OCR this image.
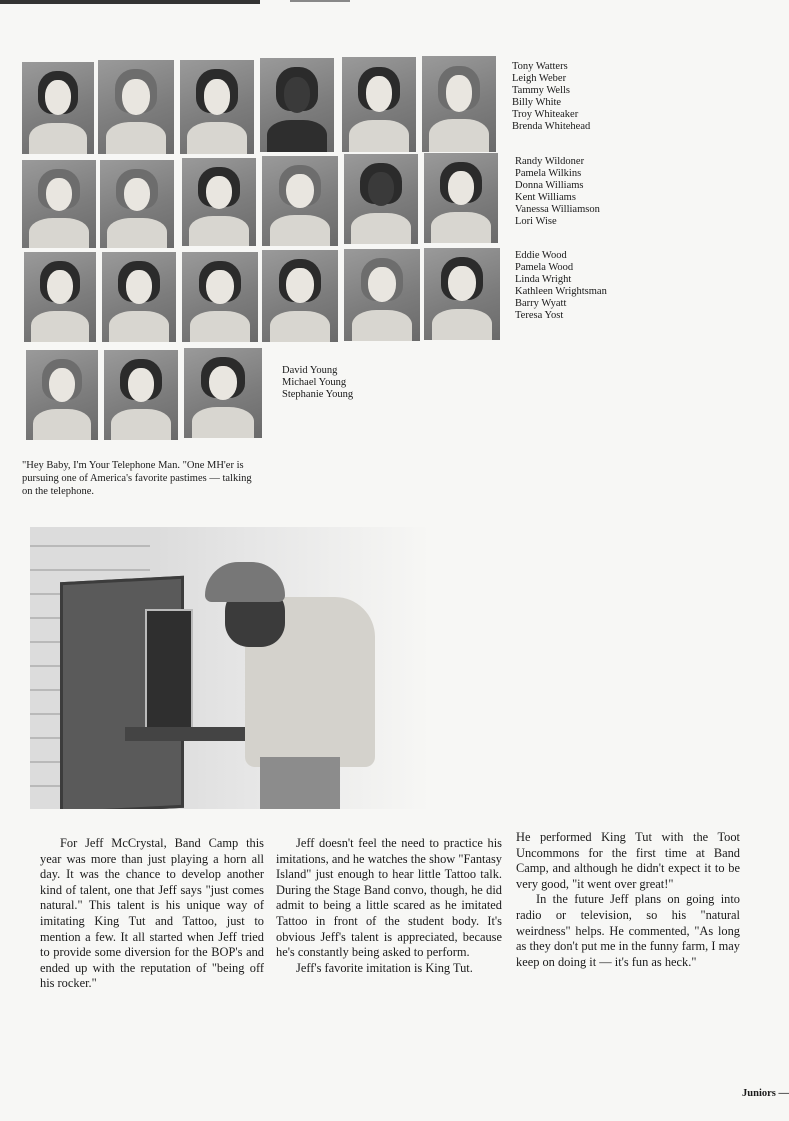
Tony Watters
Leigh Weber
Tammy Wells
Billy White
Troy Whiteaker
Brenda Whitehead
Randy Wildoner
Pamela Wilkins
Donna Williams
Kent Williams
Vanessa Williamson
Lori Wise
Eddie Wood
Pamela Wood
Linda Wright
Kathleen Wrightsman
Barry Wyatt
Teresa Yost
David Young
Michael Young
Stephanie Young
"Hey Baby, I'm Your Telephone Man. "One MH'er is pursuing one of America's favorite pastimes — talking on the telephone.

For Jeff McCrystal, Band Camp this year was more than just playing a horn all day. It was the chance to develop another kind of talent, one that Jeff says "just comes natural." This talent is his unique way of imitating King Tut and Tattoo, just to mention a few. It all started when Jeff tried to provide some diversion for the BOP's and ended up with the reputation of "being off his rocker."

Jeff doesn't feel the need to practice his imitations, and he watches the show "Fantasy Island" just enough to hear little Tattoo talk. During the Stage Band convo, though, he did admit to being a little scared as he imitated Tattoo in front of the student body. It's obvious Jeff's talent is appreciated, because he's constantly being asked to perform.

Jeff's favorite imitation is King Tut.

He performed King Tut with the Toot Uncommons for the first time at Band Camp, and although he didn't expect it to be very good, "it went over great!"

In the future Jeff plans on going into radio or television, so his "natural weirdness" helps. He commented, "As long as they don't put me in the funny farm, I may keep on doing it — it's fun as heck."

Juniors —
